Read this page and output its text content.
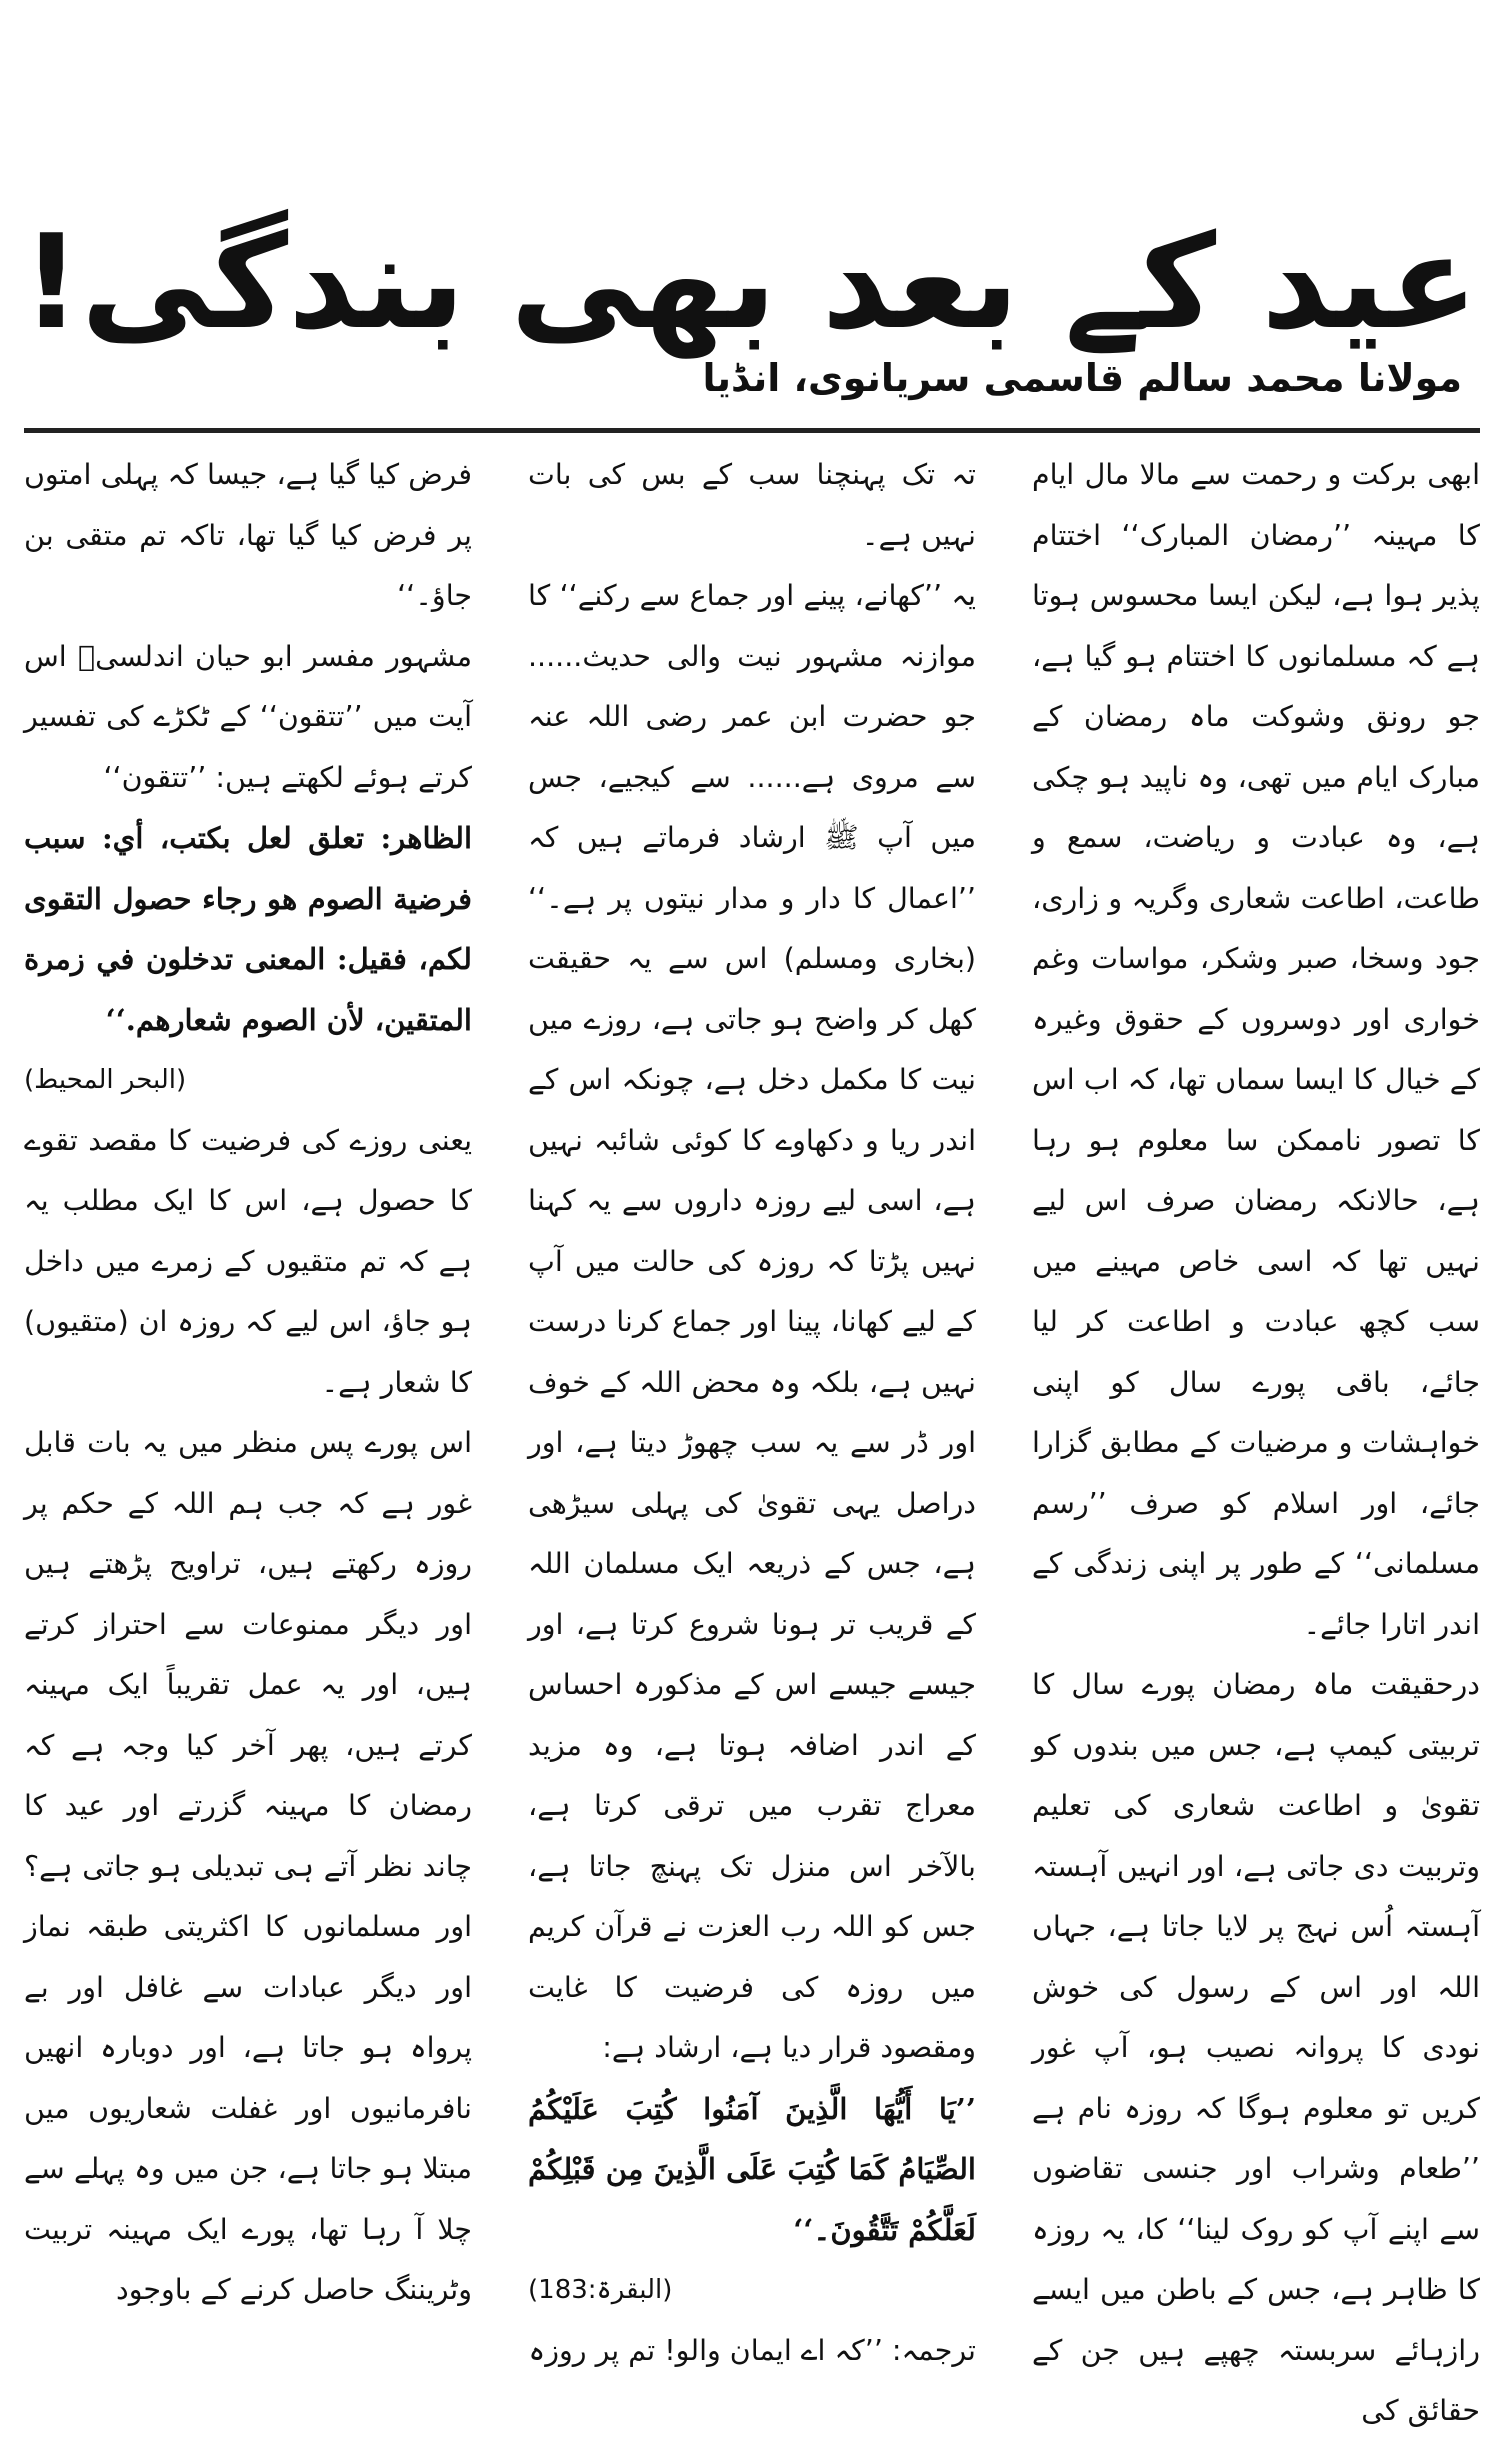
عید کے بعد بھی بندگی!
مولانا محمد سالم قاسمی سریانوی، انڈیا

ابھی برکت و رحمت سے مالا مال ایام کا مہینہ ’’رمضان المبارک‘‘ اختتام پذیر ہوا ہے، لیکن ایسا محسوس ہوتا ہے کہ مسلمانوں کا اختتام ہو گیا ہے، جو رونق وشوکت ماہ رمضان کے مبارک ایام میں تھی، وہ ناپید ہو چکی ہے، وہ عبادت و ریاضت، سمع و طاعت، اطاعت شعاری وگریہ و زاری، جود وسخا، صبر وشکر، مواسات وغم خواری اور دوسروں کے حقوق وغیرہ کے خیال کا ایسا سماں تھا، کہ اب اس کا تصور ناممکن سا معلوم ہو رہا ہے، حالانکہ رمضان صرف اس لیے نہیں تھا کہ اسی خاص مہینے میں سب کچھ عبادت و اطاعت کر لیا جائے، باقی پورے سال کو اپنی خواہشات و مرضیات کے مطابق گزارا جائے، اور اسلام کو صرف ’’رسم مسلمانی‘‘ کے طور پر اپنی زندگی کے اندر اتارا جائے۔

درحقیقت ماہ رمضان پورے سال کا تربیتی کیمپ ہے، جس میں بندوں کو تقویٰ و اطاعت شعاری کی تعلیم وتربیت دی جاتی ہے، اور انہیں آہستہ آہستہ اُس نہج پر لایا جاتا ہے، جہاں اللہ اور اس کے رسول کی خوش نودی کا پروانہ نصیب ہو، آپ غور کریں تو معلوم ہوگا کہ روزہ نام ہے ’’طعام وشراب اور جنسی تقاضوں سے اپنے آپ کو روک لینا‘‘ کا، یہ روزہ کا ظاہر ہے، جس کے باطن میں ایسے رازہائے سربستہ چھپے ہیں جن کے حقائق کی

تہ تک پہنچنا سب کے بس کی بات نہیں ہے۔

یہ ’’کھانے، پینے اور جماع سے رکنے‘‘ کا موازنہ مشہور نیت والی حدیث...... جو حضرت ابن عمر رضی اللہ عنہ سے مروی ہے...... سے کیجیے، جس میں آپ ﷺ ارشاد فرماتے ہیں کہ ’’اعمال کا دار و مدار نیتوں پر ہے۔‘‘ (بخاری ومسلم) اس سے یہ حقیقت کھل کر واضح ہو جاتی ہے، روزے میں نیت کا مکمل دخل ہے، چونکہ اس کے اندر ریا و دکھاوے کا کوئی شائبہ نہیں ہے، اسی لیے روزہ داروں سے یہ کہنا نہیں پڑتا کہ روزہ کی حالت میں آپ کے لیے کھانا، پینا اور جماع کرنا درست نہیں ہے، بلکہ وہ محض اللہ کے خوف اور ڈر سے یہ سب چھوڑ دیتا ہے، اور دراصل یہی تقویٰ کی پہلی سیڑھی ہے، جس کے ذریعہ ایک مسلمان اللہ کے قریب تر ہونا شروع کرتا ہے، اور جیسے جیسے اس کے مذکورہ احساس کے اندر اضافہ ہوتا ہے، وہ مزید معراج تقرب میں ترقی کرتا ہے، بالآخر اس منزل تک پہنچ جاتا ہے، جس کو اللہ رب العزت نے قرآن کریم میں روزہ کی فرضیت کا غایت ومقصود قرار دیا ہے، ارشاد ہے:

’’يَا أَيُّهَا الَّذِينَ آمَنُوا كُتِبَ عَلَيْكُمُ الصِّيَامُ كَمَا كُتِبَ عَلَى الَّذِينَ مِن قَبْلِكُمْ لَعَلَّكُمْ تَتَّقُونَ۔‘‘

(البقرۃ:183)

ترجمہ: ’’کہ اے ایمان والو! تم پر روزہ

فرض کیا گیا ہے، جیسا کہ پہلی امتوں پر فرض کیا گیا تھا، تاکہ تم متقی بن جاؤ۔‘‘

مشہور مفسر ابو حیان اندلسیؒ اس آیت میں ’’تتقون‘‘ کے ٹکڑے کی تفسیر کرتے ہوئے لکھتے ہیں: ’’تتقون‘‘

الظاهر: تعلق لعل بكتب، أي: سبب فرضية الصوم هو رجاء حصول التقوى لكم، فقيل: المعنى تدخلون في زمرة المتقين، لأن الصوم شعارهم.‘‘

(البحر المحیط)

یعنی روزے کی فرضیت کا مقصد تقوے کا حصول ہے، اس کا ایک مطلب یہ ہے کہ تم متقیوں کے زمرے میں داخل ہو جاؤ، اس لیے کہ روزہ ان (متقیوں) کا شعار ہے۔

اس پورے پس منظر میں یہ بات قابل غور ہے کہ جب ہم اللہ کے حکم پر روزہ رکھتے ہیں، تراویح پڑھتے ہیں اور دیگر ممنوعات سے احتراز کرتے ہیں، اور یہ عمل تقریباً ایک مہینہ کرتے ہیں، پھر آخر کیا وجہ ہے کہ رمضان کا مہینہ گزرتے اور عید کا چاند نظر آتے ہی تبدیلی ہو جاتی ہے؟ اور مسلمانوں کا اکثریتی طبقہ نماز اور دیگر عبادات سے غافل اور بے پرواہ ہو جاتا ہے، اور دوبارہ انھیں نافرمانیوں اور غفلت شعاریوں میں مبتلا ہو جاتا ہے، جن میں وہ پہلے سے چلا آ رہا تھا، پورے ایک مہینہ تربیت وٹریننگ حاصل کرنے کے باوجود
